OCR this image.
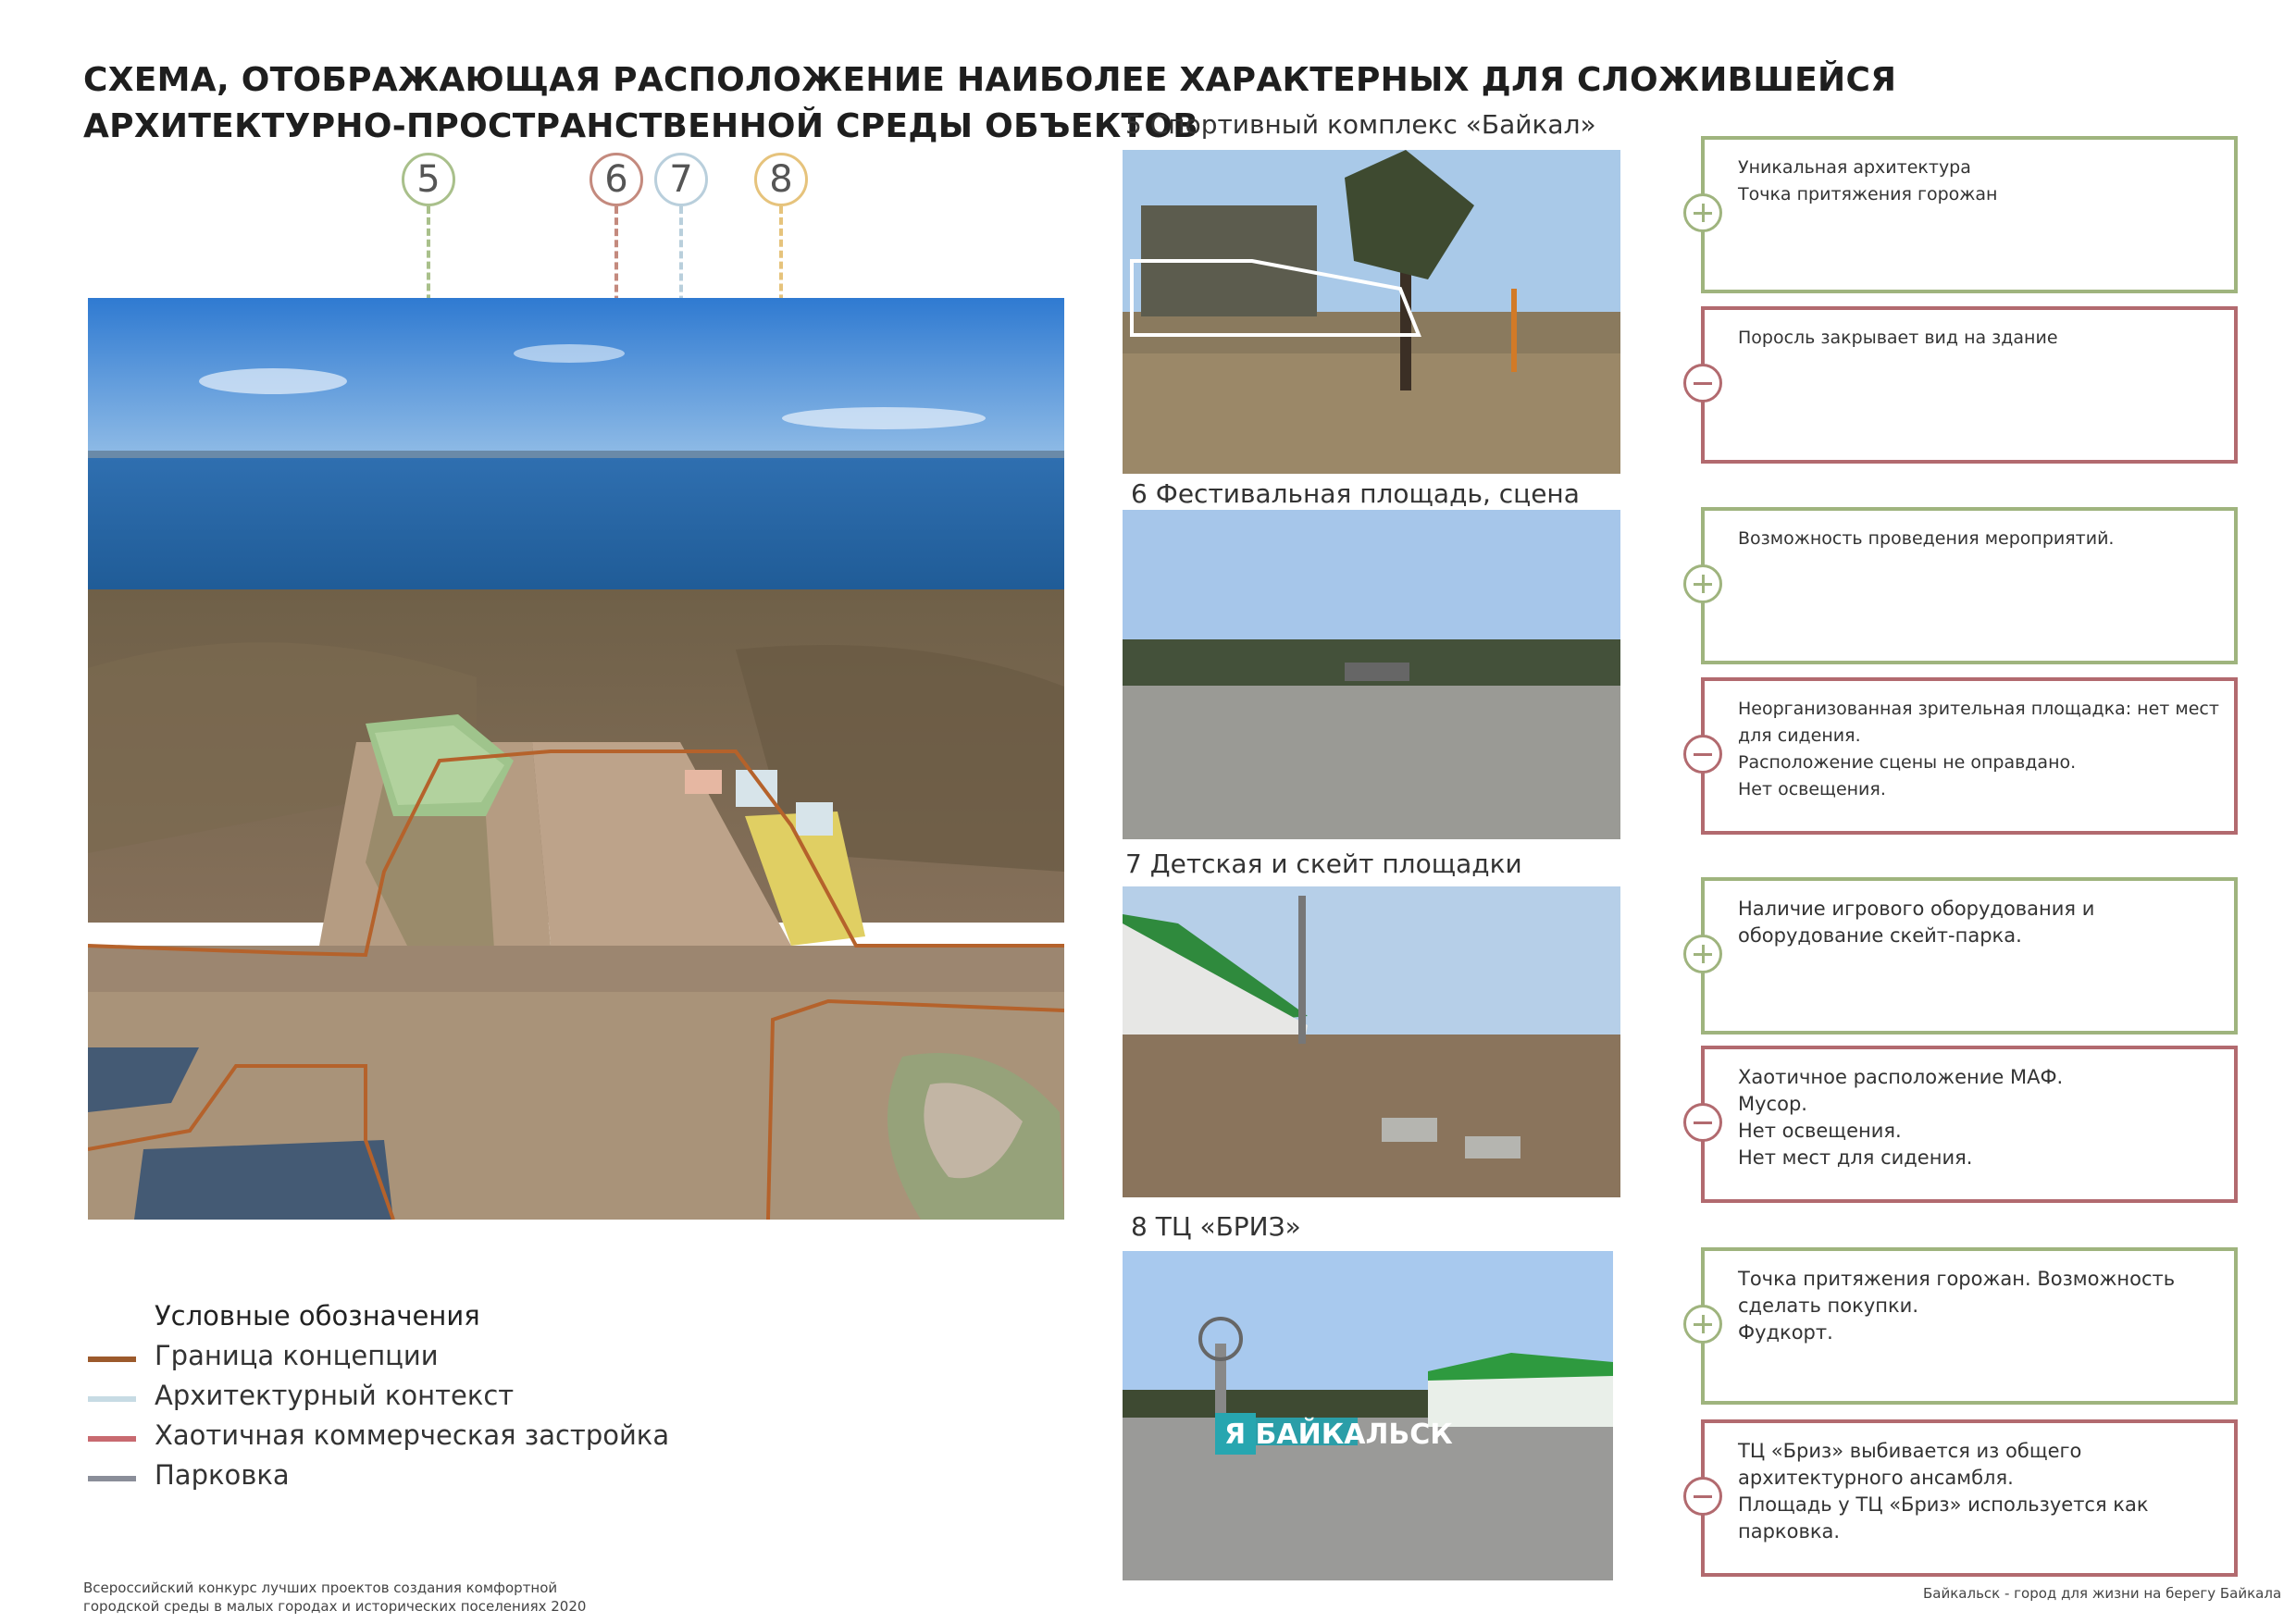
СХЕМА, ОТОБРАЖАЮЩАЯ РАСПОЛОЖЕНИЕ НАИБОЛЕЕ ХАРАКТЕРНЫХ ДЛЯ СЛОЖИВШЕЙСЯ
АРХИТЕКТУРНО-ПРОСТРАНСТВЕННОЙ СРЕДЫ ОБЪЕКТОВ
5	6	7	8
5 Спортивный комплекс «Байкал»
6 Фестивальная площадь, сцена
7 Детская и скейт площадки
8 ТЦ «БРИЗ»
Я БАЙКАЛЬСК
Уникальная архитектура
Точка притяжения горожан
Поросль закрывает вид на здание
Возможность проведения мероприятий.
Неорганизованная зрительная площадка: нет мест для сидения.
Расположение сцены не оправдано.
Нет освещения.
Наличие игрового оборудования и оборудование скейт-парка.
Хаотичное расположение МАФ.
Мусор.
Нет освещения.
Нет мест для сидения.
Точка притяжения горожан. Возможность сделать покупки.
Фудкорт.
ТЦ «Бриз» выбивается из общего архитектурного ансамбля.
Площадь у ТЦ «Бриз» используется как парковка.
Условные обозначения
Граница концепции
Архитектурный контекст
Хаотичная коммерческая застройка
Парковка
Всероссийский конкурс лучших проектов создания комфортной
городской среды в малых городах и исторических поселениях 2020
Байкальск - город для жизни на берегу Байкала
